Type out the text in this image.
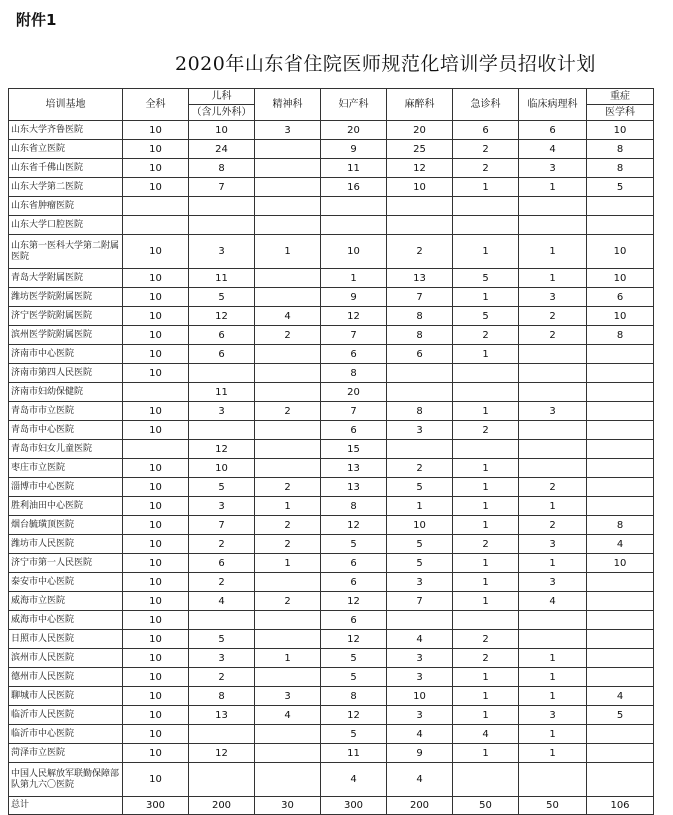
附件1
2020年山东省住院医师规范化培训学员招收计划
培训基地	全科	儿科	精神科	妇产科	麻醉科	急诊科	临床病理科	重症
		（含儿外科）						医学科
山东大学齐鲁医院	10	10	3	20	20	6	6	10
山东省立医院	10	24		9	25	2	4	8
山东省千佛山医院	10	8		11	12	2	3	8
山东大学第二医院	10	7		16	10	1	1	5
山东省肿瘤医院								
山东大学口腔医院								
山东第一医科大学第二附属医院	10	3	1	10	2	1	1	10
青岛大学附属医院	10	11		1	13	5	1	10
潍坊医学院附属医院	10	5		9	7	1	3	6
济宁医学院附属医院	10	12	4	12	8	5	2	10
滨州医学院附属医院	10	6	2	7	8	2	2	8
济南市中心医院	10	6		6	6	1		
济南市第四人民医院	10			8				
济南市妇幼保健院		11		20				
青岛市市立医院	10	3	2	7	8	1	3	
青岛市中心医院	10			6	3	2		
青岛市妇女儿童医院		12		15				
枣庄市立医院	10	10		13	2	1		
淄博市中心医院	10	5	2	13	5	1	2	
胜利油田中心医院	10	3	1	8	1	1	1	
烟台毓璜顶医院	10	7	2	12	10	1	2	8
潍坊市人民医院	10	2	2	5	5	2	3	4
济宁市第一人民医院	10	6	1	6	5	1	1	10
泰安市中心医院	10	2		6	3	1	3	
威海市立医院	10	4	2	12	7	1	4	
威海市中心医院	10			6				
日照市人民医院	10	5		12	4	2		
滨州市人民医院	10	3	1	5	3	2	1	
德州市人民医院	10	2		5	3	1	1	
聊城市人民医院	10	8	3	8	10	1	1	4
临沂市人民医院	10	13	4	12	3	1	3	5
临沂市中心医院	10			5	4	4	1	
菏泽市立医院	10	12		11	9	1	1	
中国人民解放军联勤保障部队第九六〇医院	10			4	4			
总计	300	200	30	300	200	50	50	106
